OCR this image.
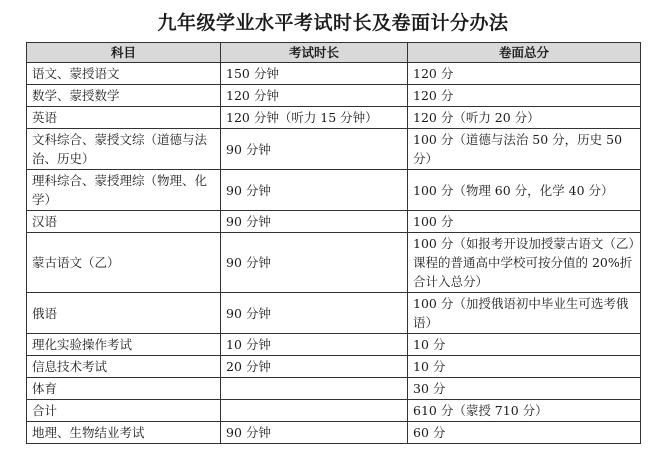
九年级学业水平考试时长及卷面计分办法
科目	考试时长	卷面总分
语文、蒙授语文	150 分钟	120 分
数学、蒙授数学	120 分钟	120 分
英语	120 分钟（听力 15 分钟）	120 分（听力 20 分）
文科综合、蒙授文综（道德与法治、历史）	90 分钟	100 分（道德与法治 50 分，历史 50 分）
理科综合、蒙授理综（物理、化学）	90 分钟	100 分（物理 60 分，化学 40 分）
汉语	90 分钟	100 分
蒙古语文（乙）	90 分钟	100 分（如报考开设加授蒙古语文（乙）课程的普通高中学校可按分值的 20%折合计入总分）
俄语	90 分钟	100 分（加授俄语初中毕业生可选考俄语）
理化实验操作考试	10 分钟	10 分
信息技术考试	20 分钟	10 分
体育		30 分
合计		610 分（蒙授 710 分）
地理、生物结业考试	90 分钟	60 分
